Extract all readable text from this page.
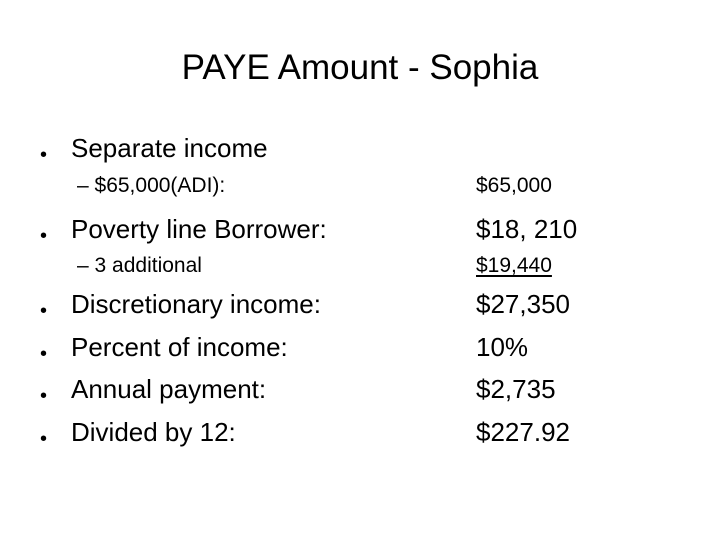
PAYE Amount - Sophia
• Separate income
– $65,000(ADI):	$65,000
• Poverty line Borrower:	$18, 210
– 3 additional	$19,440
• Discretionary income:	$27,350
• Percent of income:	10%
• Annual payment:	$2,735
• Divided by 12:	$227.92
